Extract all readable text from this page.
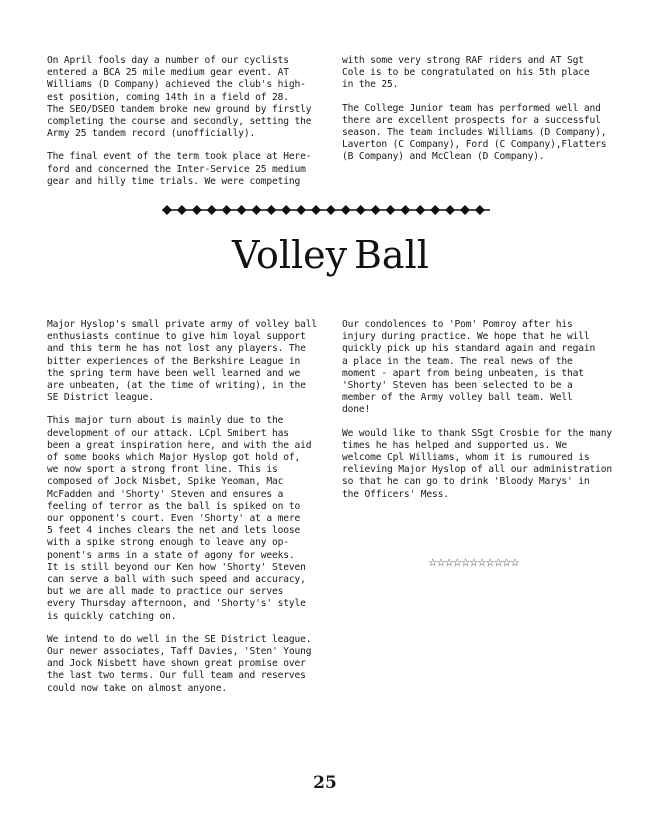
On April fools day a number of our cyclists
entered a BCA 25 mile medium gear event. AT
Williams (D Company) achieved the club's high-
est position, coming 14th in a field of 28.
The SEO/DSEO tandem broke new ground by firstly
completing the course and secondly, setting the
Army 25 tandem record (unofficially).

The final event of the term took place at Here-
ford and concerned the Inter-Service 25 medium
gear and hilly time trials. We were competing

with some very strong RAF riders and AT Sgt
Cole is to be congratulated on his 5th place
in the 25.

The College Junior team has performed well and
there are excellent prospects for a successful
season. The team includes Williams (D Company),
Laverton (C Company), Ford (C Company),Flatters
(B Company) and McClean (D Company).

Volley Ball

Major Hyslop's small private army of volley ball
enthusiasts continue to give him loyal support
and this term he has not lost any players. The
bitter experiences of the Berkshire League in
the spring term have been well learned and we
are unbeaten, (at the time of writing), in the
SE District league.

This major turn about is mainly due to the
development of our attack. LCpl Smibert has
been a great inspiration here, and with the aid
of some books which Major Hyslop got hold of,
we now sport a strong front line. This is
composed of Jock Nisbet, Spike Yeoman, Mac
McFadden and 'Shorty' Steven and ensures a
feeling of terror as the ball is spiked on to
our opponent's court. Even 'Shorty' at a mere
5 feet 4 inches clears the net and lets loose
with a spike strong enough to leave any op-
ponent's arms in a state of agony for weeks.
It is still beyond our Ken how 'Shorty' Steven
can serve a ball with such speed and accuracy,
but we are all made to practice our serves
every Thursday afternoon, and 'Shorty's' style
is quickly catching on.

We intend to do well in the SE District league.
Our newer associates, Taff Davies, 'Sten' Young
and Jock Nisbett have shown great promise over
the last two terms. Our full team and reserves
could now take on almost anyone.

Our condolences to 'Pom' Pomroy after his
injury during practice. We hope that he will
quickly pick up his standard again and regain
a place in the team. The real news of the
moment - apart from being unbeaten, is that
'Shorty' Steven has been selected to be a
member of the Army volley ball team. Well
done!

We would like to thank SSgt Crosbie for the many
times he has helped and supported us. We
welcome Cpl Williams, whom it is rumoured is
relieving Major Hyslop of all our administration
so that he can go to drink 'Bloody Marys' in
the Officers' Mess.

☆☆☆☆☆☆☆☆☆☆☆
25
